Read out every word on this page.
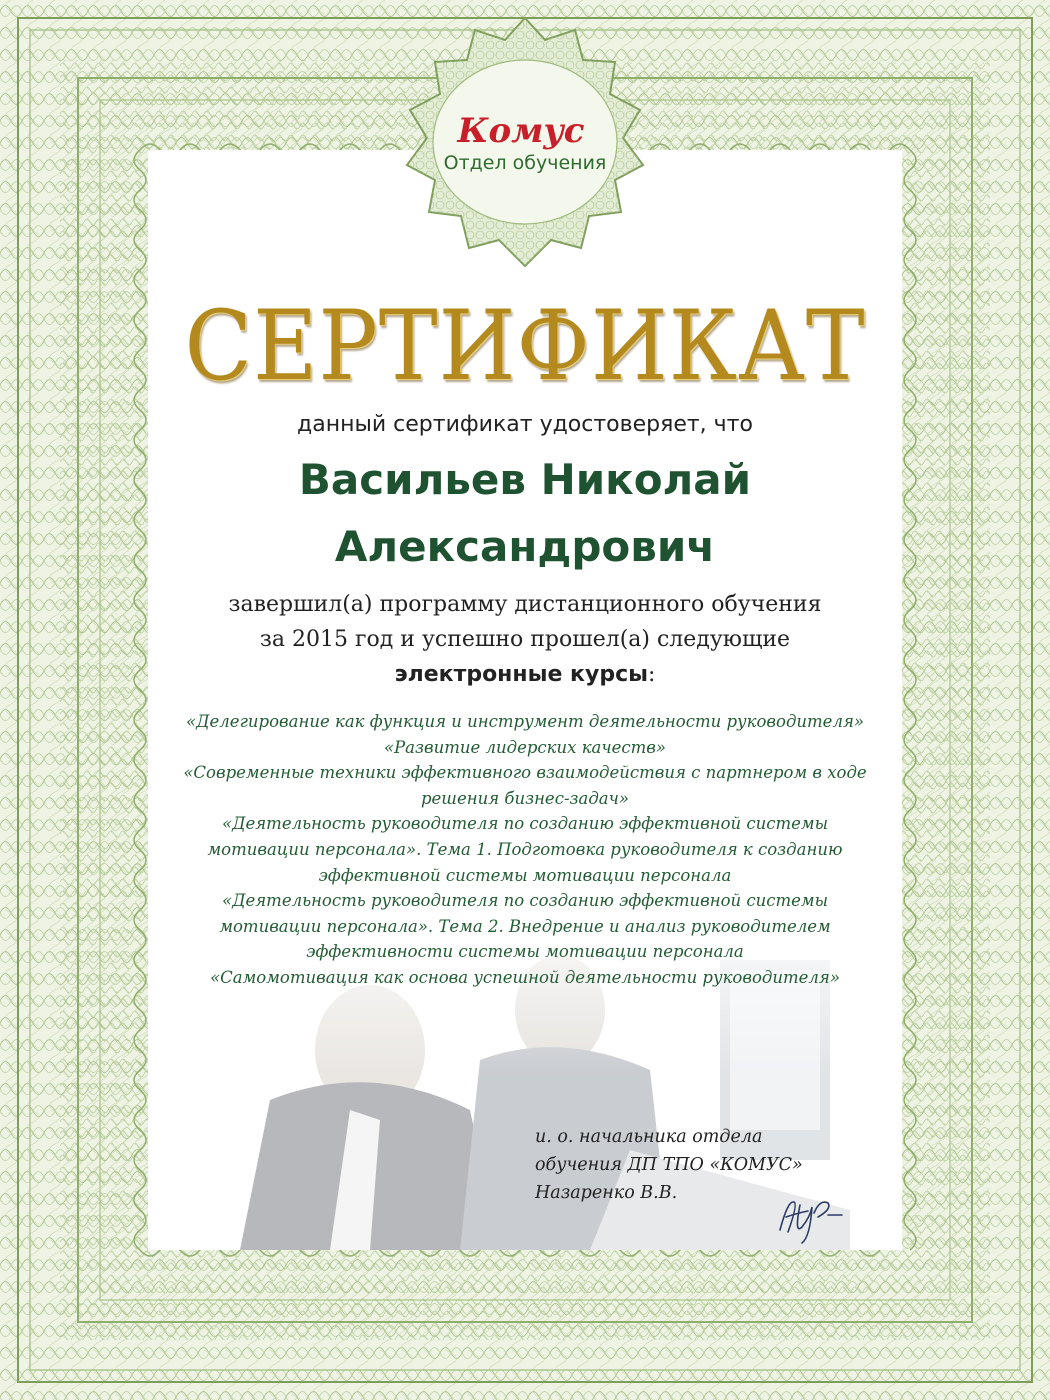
Комус
Отдел обучения
СЕРТИФИКАТ
данный сертификат удостоверяет, что
Васильев Николай
Александрович
завершил(а) программу дистанционного обучения
за 2015 год и успешно прошел(а) следующие
электронные курсы:
«Делегирование как функция и инструмент деятельности руководителя»
«Развитие лидерских качеств»
«Современные техники эффективного взаимодействия с партнером в ходе
решения бизнес-задач»
«Деятельность руководителя по созданию эффективной системы
мотивации персонала». Тема 1. Подготовка руководителя к созданию
эффективной системы мотивации персонала
«Деятельность руководителя по созданию эффективной системы
мотивации персонала». Тема 2. Внедрение и анализ руководителем
эффективности системы мотивации персонала
«Самомотивация как основа успешной деятельности руководителя»
и. о. начальника отдела
обучения ДП ТПО «КОМУС»
Назаренко В.В.
